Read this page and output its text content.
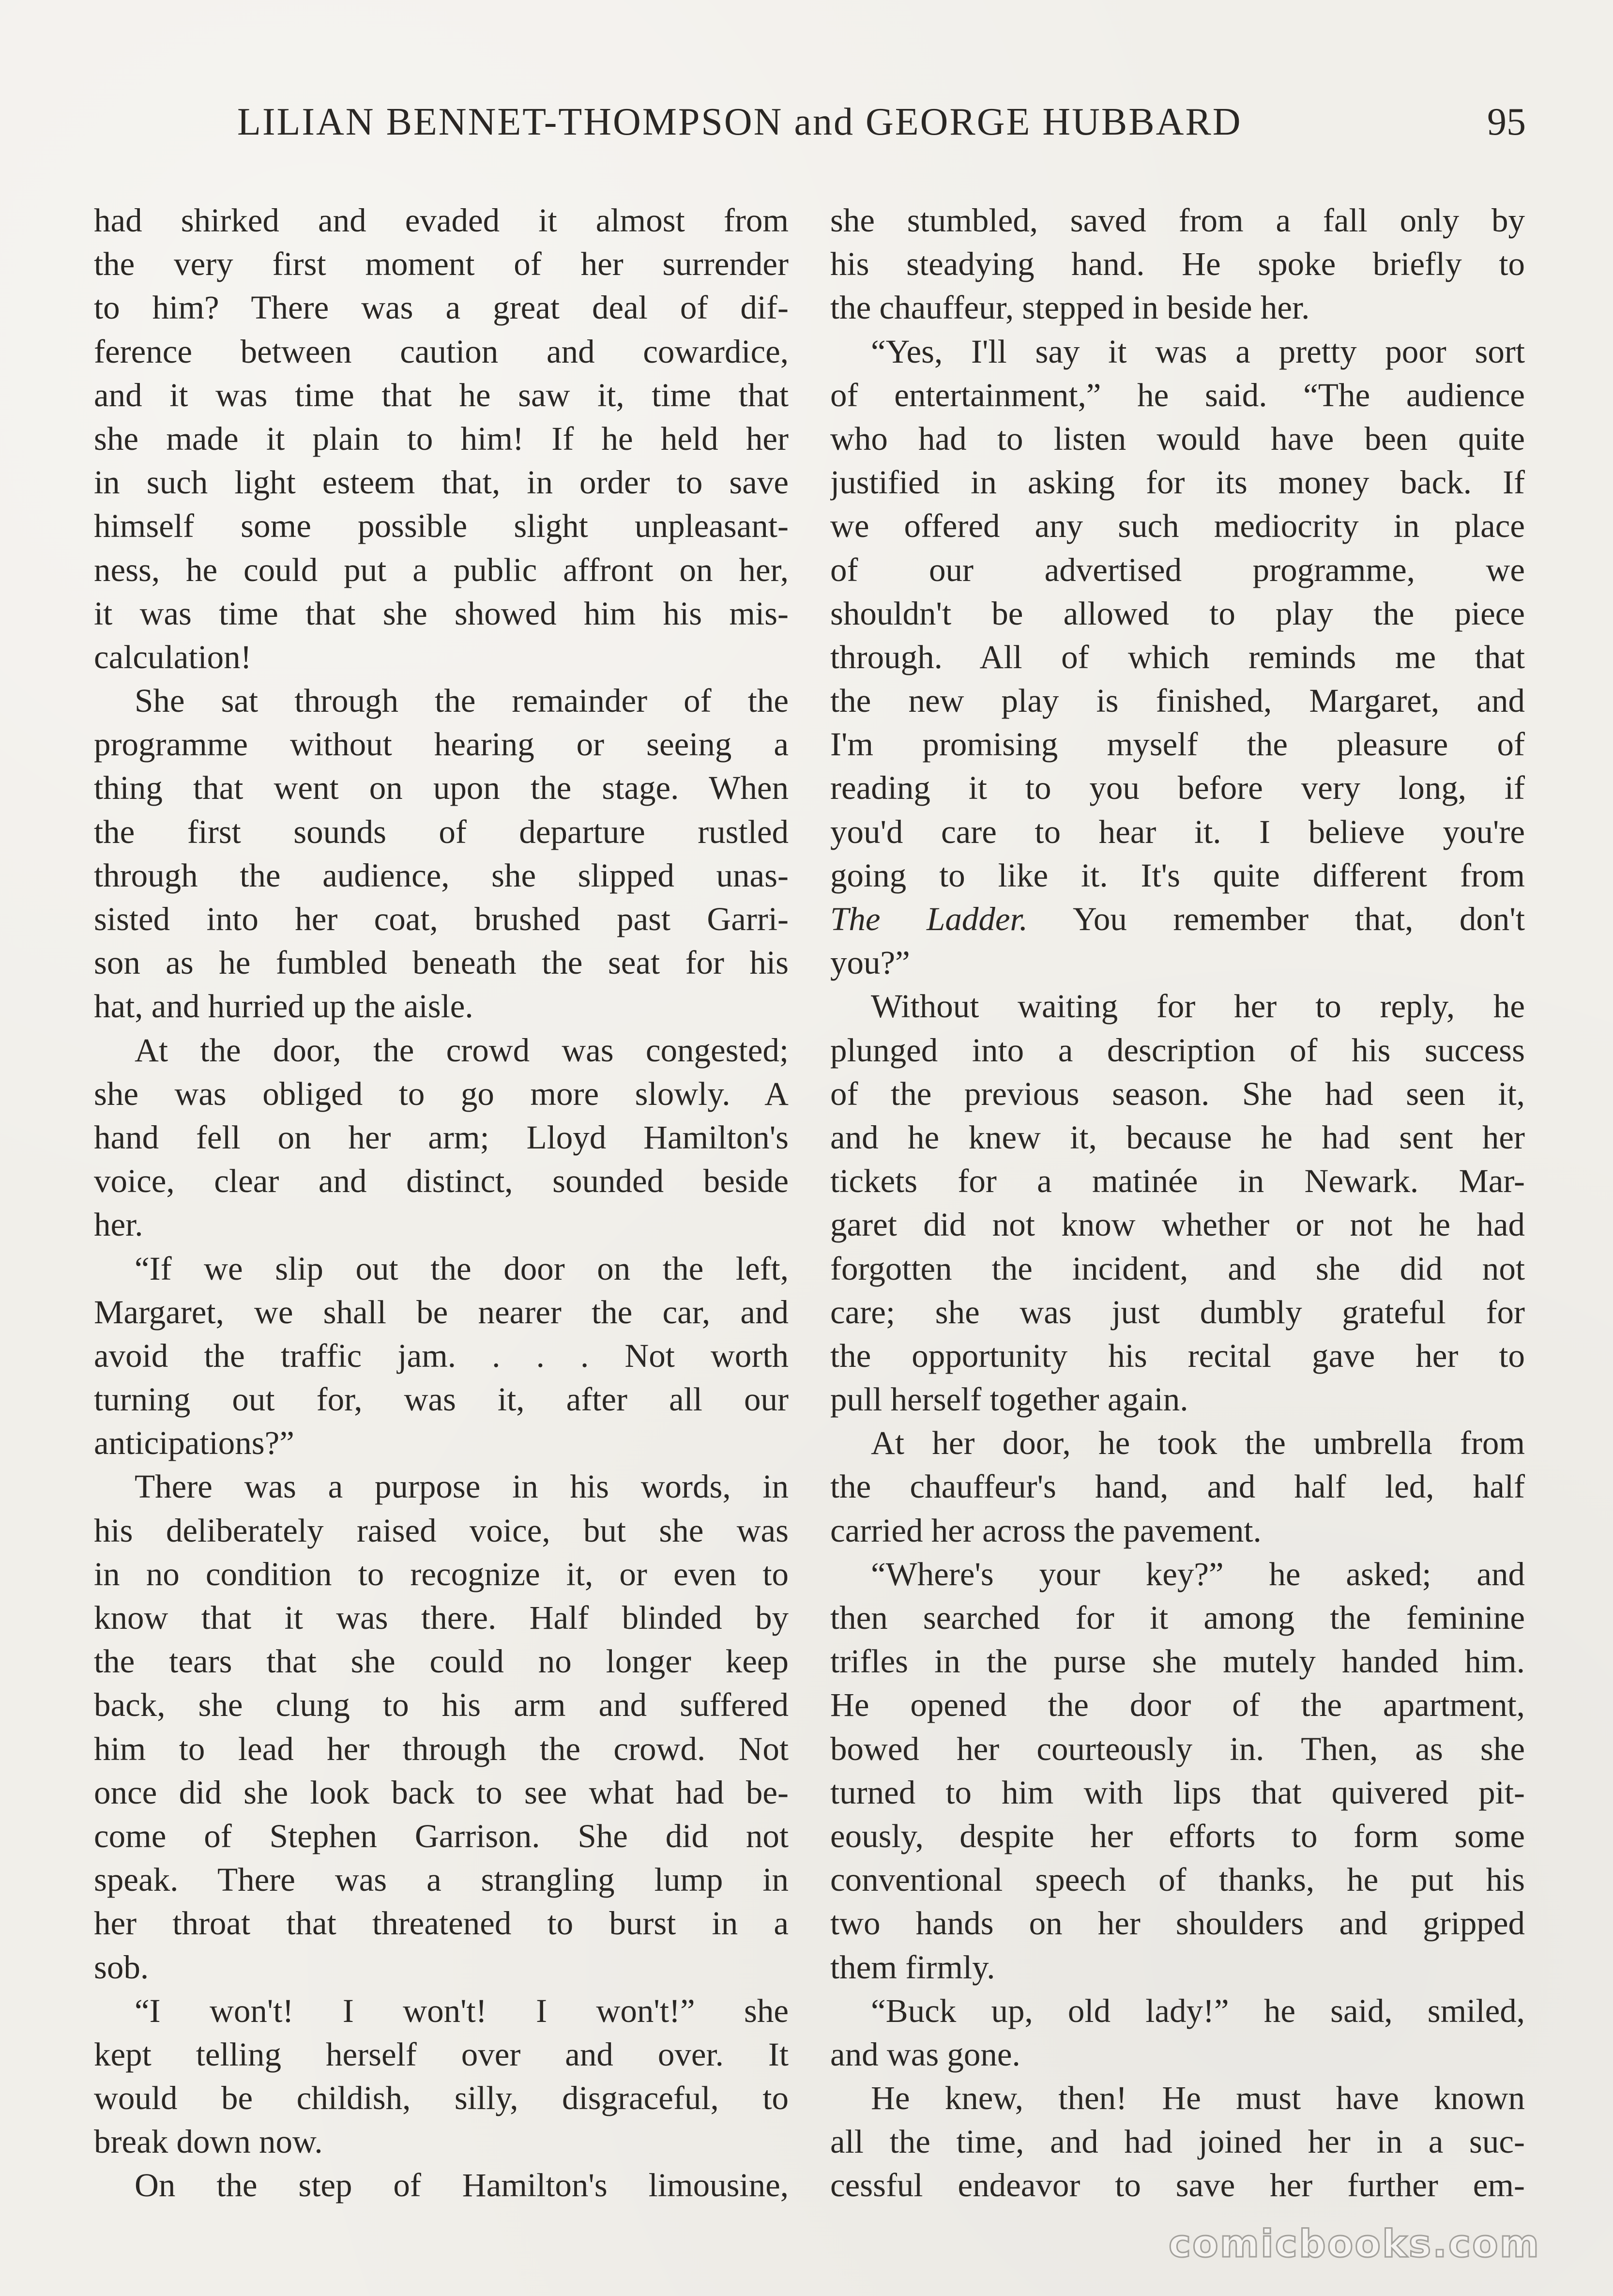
LILIAN BENNET-THOMPSON and GEORGE HUBBARD	95
had shirked and evaded it almost from
the very first moment of her surrender
to him? There was a great deal of dif-
ference between caution and cowardice,
and it was time that he saw it, time that
she made it plain to him! If he held her
in such light esteem that, in order to save
himself some possible slight unpleasant-
ness, he could put a public affront on her,
it was time that she showed him his mis-
calculation!
She sat through the remainder of the
programme without hearing or seeing a
thing that went on upon the stage. When
the first sounds of departure rustled
through the audience, she slipped unas-
sisted into her coat, brushed past Garri-
son as he fumbled beneath the seat for his
hat, and hurried up the aisle.
At the door, the crowd was congested;
she was obliged to go more slowly. A
hand fell on her arm; Lloyd Hamilton's
voice, clear and distinct, sounded beside
her.
“If we slip out the door on the left,
Margaret, we shall be nearer the car, and
avoid the traffic jam. . . . Not worth
turning out for, was it, after all our
anticipations?”
There was a purpose in his words, in
his deliberately raised voice, but she was
in no condition to recognize it, or even to
know that it was there. Half blinded by
the tears that she could no longer keep
back, she clung to his arm and suffered
him to lead her through the crowd. Not
once did she look back to see what had be-
come of Stephen Garrison. She did not
speak. There was a strangling lump in
her throat that threatened to burst in a
sob.
“I won't! I won't! I won't!” she
kept telling herself over and over. It
would be childish, silly, disgraceful, to
break down now.
On the step of Hamilton's limousine,
she stumbled, saved from a fall only by
his steadying hand. He spoke briefly to
the chauffeur, stepped in beside her.
“Yes, I'll say it was a pretty poor sort
of entertainment,” he said. “The audience
who had to listen would have been quite
justified in asking for its money back. If
we offered any such mediocrity in place
of our advertised programme, we
shouldn't be allowed to play the piece
through. All of which reminds me that
the new play is finished, Margaret, and
I'm promising myself the pleasure of
reading it to you before very long, if
you'd care to hear it. I believe you're
going to like it. It's quite different from
The Ladder. You remember that, don't
you?”
Without waiting for her to reply, he
plunged into a description of his success
of the previous season. She had seen it,
and he knew it, because he had sent her
tickets for a matinée in Newark. Mar-
garet did not know whether or not he had
forgotten the incident, and she did not
care; she was just dumbly grateful for
the opportunity his recital gave her to
pull herself together again.
At her door, he took the umbrella from
the chauffeur's hand, and half led, half
carried her across the pavement.
“Where's your key?” he asked; and
then searched for it among the feminine
trifles in the purse she mutely handed him.
He opened the door of the apartment,
bowed her courteously in. Then, as she
turned to him with lips that quivered pit-
eously, despite her efforts to form some
conventional speech of thanks, he put his
two hands on her shoulders and gripped
them firmly.
“Buck up, old lady!” he said, smiled,
and was gone.
He knew, then! He must have known
all the time, and had joined her in a suc-
cessful endeavor to save her further em-
comicbooks.com
